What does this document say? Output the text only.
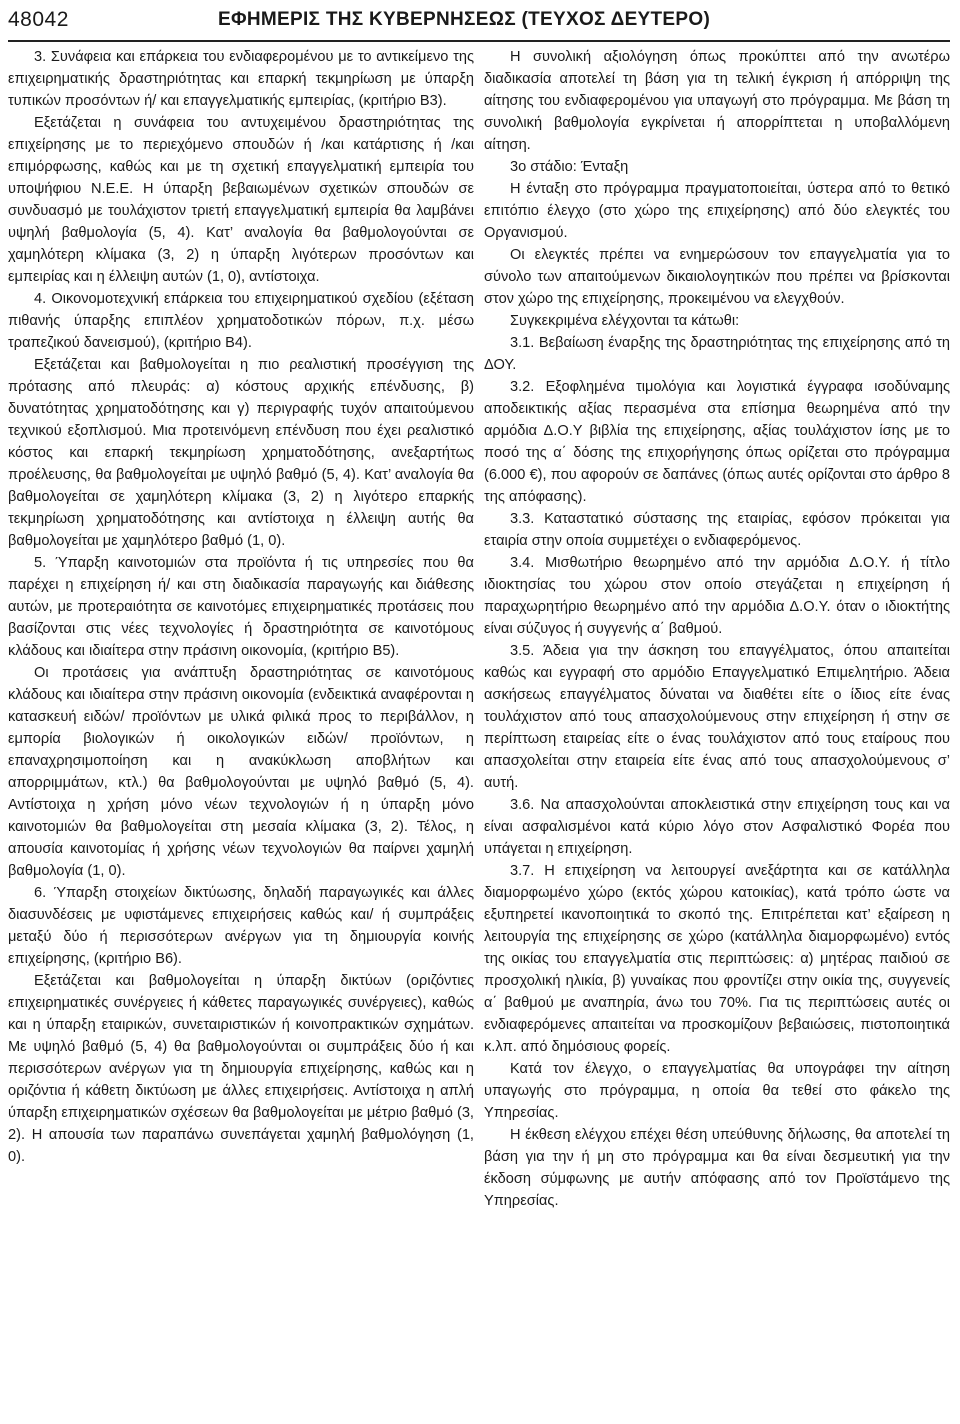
48042	ΕΦΗΜΕΡΙΣ ΤΗΣ ΚΥΒΕΡΝΗΣΕΩΣ (ΤΕΥΧΟΣ ΔΕΥΤΕΡΟ)

3. Συνάφεια και επάρκεια του ενδιαφερομένου με το αντικείμενο της επιχειρηματικής δραστηριότητας και επαρκή τεκμηρίωση με ύπαρξη τυπικών προσόντων ή/ και επαγγελματικής εμπειρίας, (κριτήριο Β3).

Εξετάζεται η συνάφεια του αντυχειμένου δραστηριότητας της επιχείρησης με το περιεχόμενο σπουδών ή /και κατάρτισης ή /και επιμόρφωσης, καθώς και με τη σχετική επαγγελματική εμπειρία του υποψήφιου Ν.Ε.Ε. Η ύπαρξη βεβαιωμένων σχετικών σπουδών σε συνδυασμό με τουλάχιστον τριετή επαγγελματική εμπειρία θα λαμβάνει υψηλή βαθμολογία (5, 4). Κατ’ αναλογία θα βαθμολογούνται σε χαμηλότερη κλίμακα (3, 2) η ύπαρξη λιγότερων προσόντων και εμπειρίας και η έλλειψη αυτών (1, 0), αντίστοιχα.

4. Οικονομοτεχνική επάρκεια του επιχειρηματικού σχεδίου (εξέταση πιθανής ύπαρξης επιπλέον χρηματοδοτικών πόρων, π.χ. μέσω τραπεζικού δανεισμού), (κριτήριο Β4).

Εξετάζεται και βαθμολογείται η πιο ρεαλιστική προσέγγιση της πρότασης από πλευράς: α) κόστους αρχικής επένδυσης, β) δυνατότητας χρηματοδότησης και γ) περιγραφής τυχόν απαιτούμενου τεχνικού εξοπλισμού. Μια προτεινόμενη επένδυση που έχει ρεαλιστικό κόστος και επαρκή τεκμηρίωση χρηματοδότησης, ανεξαρτήτως προέλευσης, θα βαθμολογείται με υψηλό βαθμό (5, 4). Κατ’ αναλογία θα βαθμολογείται σε χαμηλότερη κλίμακα (3, 2) η λιγότερο επαρκής τεκμηρίωση χρηματοδότησης και αντίστοιχα η έλλειψη αυτής θα βαθμολογείται με χαμηλότερο βαθμό (1, 0).

5. Ύπαρξη καινοτομιών στα προϊόντα ή τις υπηρεσίες που θα παρέχει η επιχείρηση ή/ και στη διαδικασία παραγωγής και διάθεσης αυτών, με προτεραιότητα σε καινοτόμες επιχειρηματικές προτάσεις που βασίζονται στις νέες τεχνολογίες ή δραστηριότητα σε καινοτόμους κλάδους και ιδιαίτερα στην πράσινη οικονομία, (κριτήριο Β5).

Οι προτάσεις για ανάπτυξη δραστηριότητας σε καινοτόμους κλάδους και ιδιαίτερα στην πράσινη οικονομία (ενδεικτικά αναφέρονται η κατασκευή ειδών/ προϊόντων με υλικά φιλικά προς το περιβάλλον, η εμπορία βιολογικών ή οικολογικών ειδών/ προϊόντων, η επαναχρησιμοποίηση και η ανακύκλωση αποβλήτων και απορριμμάτων, κτλ.) θα βαθμολογούνται με υψηλό βαθμό (5, 4). Αντίστοιχα η χρήση μόνο νέων τεχνολογιών ή η ύπαρξη μόνο καινοτομιών θα βαθμολογείται στη μεσαία κλίμακα (3, 2). Τέλος, η απουσία καινοτομίας ή χρήσης νέων τεχνολογιών θα παίρνει χαμηλή βαθμολογία (1, 0).

6. Ύπαρξη στοιχείων δικτύωσης, δηλαδή παραγωγικές και άλλες διασυνδέσεις με υφιστάμενες επιχειρήσεις καθώς και/ ή συμπράξεις μεταξύ δύο ή περισσότερων ανέργων για τη δημιουργία κοινής επιχείρησης, (κριτήριο Β6).

Εξετάζεται και βαθμολογείται η ύπαρξη δικτύων (οριζόντιες επιχειρηματικές συνέργειες ή κάθετες παραγωγικές συνέργειες), καθώς και η ύπαρξη εταιρικών, συνεταιριστικών ή κοινοπρακτικών σχημάτων. Με υψηλό βαθμό (5, 4) θα βαθμολογούνται οι συμπράξεις δύο ή και περισσότερων ανέργων για τη δημιουργία επιχείρησης, καθώς και η οριζόντια ή κάθετη δικτύωση με άλλες επιχειρήσεις. Αντίστοιχα η απλή ύπαρξη επιχειρηματικών σχέσεων θα βαθμολογείται με μέτριο βαθμό (3, 2). Η απουσία των παραπάνω συνεπάγεται χαμηλή βαθμολόγηση (1, 0).

Η συνολική αξιολόγηση όπως προκύπτει από την ανωτέρω διαδικασία αποτελεί τη βάση για τη τελική έγκριση ή απόρριψη της αίτησης του ενδιαφερομένου για υπαγωγή στο πρόγραμμα. Με βάση τη συνολική βαθμολογία εγκρίνεται ή απορρίπτεται η υποβαλλόμενη αίτηση.

3ο στάδιο: Ένταξη

Η ένταξη στο πρόγραμμα πραγματοποιείται, ύστερα από το θετικό επιτόπιο έλεγχο (στο χώρο της επιχείρησης) από δύο ελεγκτές του Οργανισμού.

Οι ελεγκτές πρέπει να ενημερώσουν τον επαγγελματία για το σύνολο των απαιτούμενων δικαιολογητικών που πρέπει να βρίσκονται στον χώρο της επιχείρησης, προκειμένου να ελεγχθούν.

Συγκεκριμένα ελέγχονται τα κάτωθι:

3.1. Βεβαίωση έναρξης της δραστηριότητας της επιχείρησης από τη ΔΟΥ.

3.2. Εξοφλημένα τιμολόγια και λογιστικά έγγραφα ισοδύναμης αποδεικτικής αξίας περασμένα στα επίσημα θεωρημένα από την αρμόδια Δ.Ο.Υ βιβλία της επιχείρησης, αξίας τουλάχιστον ίσης με το ποσό της α΄ δόσης της επιχορήγησης όπως ορίζεται στο πρόγραμμα (6.000 €), που αφορούν σε δαπάνες (όπως αυτές ορίζονται στο άρθρο 8 της απόφασης).

3.3. Καταστατικό σύστασης της εταιρίας, εφόσον πρόκειται για εταιρία στην οποία συμμετέχει ο ενδιαφερόμενος.

3.4. Μισθωτήριο θεωρημένο από την αρμόδια Δ.Ο.Υ. ή τίτλο ιδιοκτησίας του χώρου στον οποίο στεγάζεται η επιχείρηση ή παραχωρητήριο θεωρημένο από την αρμόδια Δ.Ο.Υ. όταν ο ιδιοκτήτης είναι σύζυγος ή συγγενής α΄ βαθμού.

3.5. Άδεια για την άσκηση του επαγγέλματος, όπου απαιτείται καθώς και εγγραφή στο αρμόδιο Επαγγελματικό Επιμελητήριο. Άδεια ασκήσεως επαγγέλματος δύναται να διαθέτει είτε ο ίδιος είτε ένας τουλάχιστον από τους απασχολούμενους στην επιχείρηση ή στην σε περίπτωση εταιρείας είτε ο ένας τουλάχιστον από τους εταίρους που απασχολείται στην εταιρεία είτε ένας από τους απασχολούμενους σ’ αυτή.

3.6. Να απασχολούνται αποκλειστικά στην επιχείρηση τους και να είναι ασφαλισμένοι κατά κύριο λόγο στον Ασφαλιστικό Φορέα που υπάγεται η επιχείρηση.

3.7. Η επιχείρηση να λειτουργεί ανεξάρτητα και σε κατάλληλα διαμορφωμένο χώρο (εκτός χώρου κατοικίας), κατά τρόπο ώστε να εξυπηρετεί ικανοποιητικά το σκοπό της. Επιτρέπεται κατ’ εξαίρεση η λειτουργία της επιχείρησης σε χώρο (κατάλληλα διαμορφωμένο) εντός της οικίας του επαγγελματία στις περιπτώσεις: α) μητέρας παιδιού σε προσχολική ηλικία, β) γυναίκας που φροντίζει στην οικία της, συγγενείς α΄ βαθμού με αναπηρία, άνω του 70%. Για τις περιπτώσεις αυτές οι ενδιαφερόμενες απαιτείται να προσκομίζουν βεβαιώσεις, πιστοποιητικά κ.λπ. από δημόσιους φορείς.

Κατά τον έλεγχο, ο επαγγελματίας θα υπογράφει την αίτηση υπαγωγής στο πρόγραμμα, η οποία θα τεθεί στο φάκελο της Υπηρεσίας.

Η έκθεση ελέγχου επέχει θέση υπεύθυνης δήλωσης, θα αποτελεί τη βάση για την ή μη στο πρόγραμμα και θα είναι δεσμευτική για την έκδοση σύμφωνης με αυτήν απόφασης από τον Προϊστάμενο της Υπηρεσίας.
